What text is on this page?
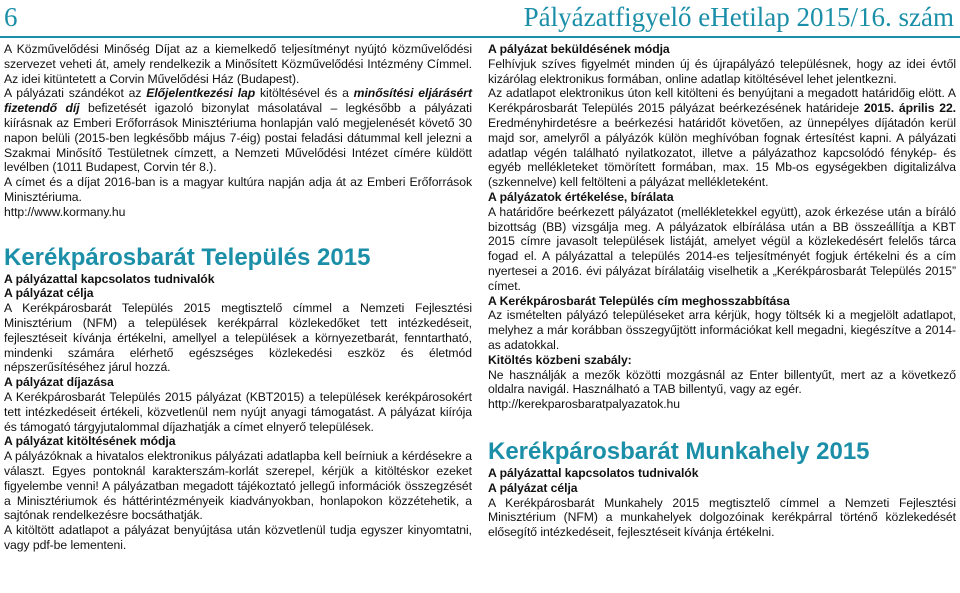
6	Pályázatfigyelő eHetilap 2015/16. szám

A Közművelődési Minőség Díjat az a kiemelkedő teljesítményt nyújtó közművelődési szervezet veheti át, amely rendelkezik a Minősített Közművelődési Intézmény Címmel. Az idei kitüntetett a Corvin Művelődési Ház (Budapest).

A pályázati szándékot az Előjelentkezési lap kitöltésével és a minősítési eljárásért fizetendő díj befizetését igazoló bizonylat másolatával – legkésőbb a pályázati kiírásnak az Emberi Erőforrások Minisztériuma honlapján való megjelenését követő 30 napon belüli (2015-ben legkésőbb május 7-éig) postai feladási dátummal kell jelezni a Szakmai Minősítő Testületnek címzett, a Nemzeti Művelődési Intézet címére küldött levélben (1011 Budapest, Corvin tér 8.).

A címet és a díjat 2016-ban is a magyar kultúra napján adja át az Emberi Erőforrások Minisztériuma.

http://www.kormany.hu

Kerékpárosbarát Település 2015

A pályázattal kapcsolatos tudnivalók

A pályázat célja

A Kerékpárosbarát Település 2015 megtisztelő címmel a Nemzeti Fejlesztési Minisztérium (NFM) a települések kerékpárral közlekedőket tett intézkedéseit, fejlesztéseit kívánja értékelni, amellyel a települések a környezetbarát, fenntartható, mindenki számára elérhető egészséges közlekedési eszköz és életmód népszerűsítéséhez járul hozzá.

A pályázat díjazása

A Kerékpárosbarát Település 2015 pályázat (KBT2015) a települések kerékpárosokért tett intézkedéseit értékeli, közvetlenül nem nyújt anyagi támogatást. A pályázat kiírója és támogató tárgyjutalommal díjazhatják a címet elnyerő települések.

A pályázat kitöltésének módja

A pályázóknak a hivatalos elektronikus pályázati adatlapba kell beírniuk a kérdésekre a választ. Egyes pontoknál karakterszám-korlát szerepel, kérjük a kitöltéskor ezeket figyelembe venni! A pályázatban megadott tájékoztató jellegű információk összegzését a Minisztériumok és háttérintézményeik kiadványokban, honlapokon közzétehetik, a sajtónak rendelkezésre bocsáthatják.

A kitöltött adatlapot a pályázat benyújtása után közvetlenül tudja egyszer kinyomtatni, vagy pdf-be lementeni.

A pályázat beküldésének módja

Felhívjuk szíves figyelmét minden új és újrapályázó településnek, hogy az idei évtől kizárólag elektronikus formában, online adatlap kitöltésével lehet jelentkezni.

Az adatlapot elektronikus úton kell kitölteni és benyújtani a megadott határidőig elött. A Kerékpárosbarát Település 2015 pályázat beérkezésének határideje 2015. április 22. Eredményhirdetésre a beérkezési határidőt követően, az ünnepélyes díjátadón kerül majd sor, amelyről a pályázók külön meghívóban fognak értesítést kapni. A pályázati adatlap végén található nyilatkozatot, illetve a pályázathoz kapcsolódó fénykép- és egyéb mellékleteket tömörített formában, max. 15 Mb-os egységekben digitalizálva (szkennelve) kell feltölteni a pályázat mellékleteként.

A pályázatok értékelése, bírálata

A határidőre beérkezett pályázatot (mellékletekkel együtt), azok érkezése után a bíráló bizottság (BB) vizsgálja meg. A pályázatok elbírálása után a BB összeállítja a KBT 2015 címre javasolt települések listáját, amelyet végül a közlekedésért felelős tárca fogad el. A pályázattal a település 2014-es teljesítményét fogjuk értékelni és a cím nyertesei a 2016. évi pályázat bírálatáig viselhetik a „Kerékpárosbarát Település 2015” címet.

A Kerékpárosbarát Település cím meghosszabbítása

Az ismételten pályázó településeket arra kérjük, hogy töltsék ki a megjelölt adatlapot, melyhez a már korábban összegyűjtött információkat kell megadni, kiegészítve a 2014-as adatokkal.

Kitöltés közbeni szabály:

Ne használják a mezők közötti mozgásnál az Enter billentyűt, mert az a következő oldalra navigál. Használható a TAB billentyű, vagy az egér.

http://kerekparosbaratpalyazatok.hu

Kerékpárosbarát Munkahely 2015

A pályázattal kapcsolatos tudnivalók

A pályázat célja

A Kerékpárosbarát Munkahely 2015 megtisztelő címmel a Nemzeti Fejlesztési Minisztérium (NFM) a munkahelyek dolgozóinak kerékpárral történő közlekedését elősegítő intézkedéseit, fejlesztéseit kívánja értékelni.
